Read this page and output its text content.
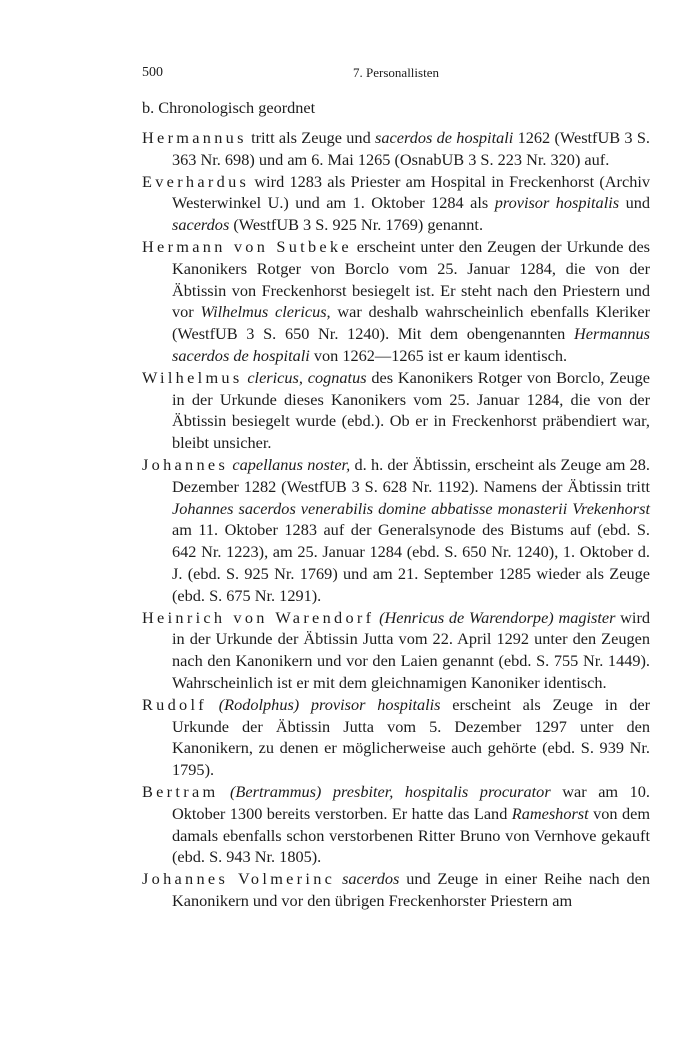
500	7. Personallisten
b. Chronologisch geordnet

Hermannus tritt als Zeuge und sacerdos de hospitali 1262 (WestfUB 3 S. 363 Nr. 698) und am 6. Mai 1265 (OsnabUB 3 S. 223 Nr. 320) auf.

Everhardus wird 1283 als Priester am Hospital in Freckenhorst (Archiv Westerwinkel U.) und am 1. Oktober 1284 als provisor hospitalis und sacerdos (WestfUB 3 S. 925 Nr. 1769) genannt.

Hermann von Sutbeke erscheint unter den Zeugen der Urkunde des Kanonikers Rotger von Borclo vom 25. Januar 1284, die von der Äbtissin von Freckenhorst besiegelt ist. Er steht nach den Priestern und vor Wilhelmus clericus, war deshalb wahrscheinlich ebenfalls Kleriker (WestfUB 3 S. 650 Nr. 1240). Mit dem obengenannten Hermannus sacerdos de hospitali von 1262—1265 ist er kaum identisch.

Wilhelmus clericus, cognatus des Kanonikers Rotger von Borclo, Zeuge in der Urkunde dieses Kanonikers vom 25. Januar 1284, die von der Äbtissin besiegelt wurde (ebd.). Ob er in Freckenhorst präbendiert war, bleibt unsicher.

Johannes capellanus noster, d. h. der Äbtissin, erscheint als Zeuge am 28. Dezember 1282 (WestfUB 3 S. 628 Nr. 1192). Namens der Äbtissin tritt Johannes sacerdos venerabilis domine abbatisse monasterii Vrekenhorst am 11. Oktober 1283 auf der Generalsynode des Bistums auf (ebd. S. 642 Nr. 1223), am 25. Januar 1284 (ebd. S. 650 Nr. 1240), 1. Oktober d. J. (ebd. S. 925 Nr. 1769) und am 21. September 1285 wieder als Zeuge (ebd. S. 675 Nr. 1291).

Heinrich von Warendorf (Henricus de Warendorpe) magister wird in der Urkunde der Äbtissin Jutta vom 22. April 1292 unter den Zeugen nach den Kanonikern und vor den Laien genannt (ebd. S. 755 Nr. 1449). Wahrscheinlich ist er mit dem gleichnamigen Kanoniker identisch.

Rudolf (Rodolphus) provisor hospitalis erscheint als Zeuge in der Urkunde der Äbtissin Jutta vom 5. Dezember 1297 unter den Kanonikern, zu denen er möglicherweise auch gehörte (ebd. S. 939 Nr. 1795).

Bertram (Bertrammus) presbiter, hospitalis procurator war am 10. Oktober 1300 bereits verstorben. Er hatte das Land Rameshorst von dem damals ebenfalls schon verstorbenen Ritter Bruno von Vernhove gekauft (ebd. S. 943 Nr. 1805).

Johannes Volmerinc sacerdos und Zeuge in einer Reihe nach den Kanonikern und vor den übrigen Freckenhorster Priestern am
